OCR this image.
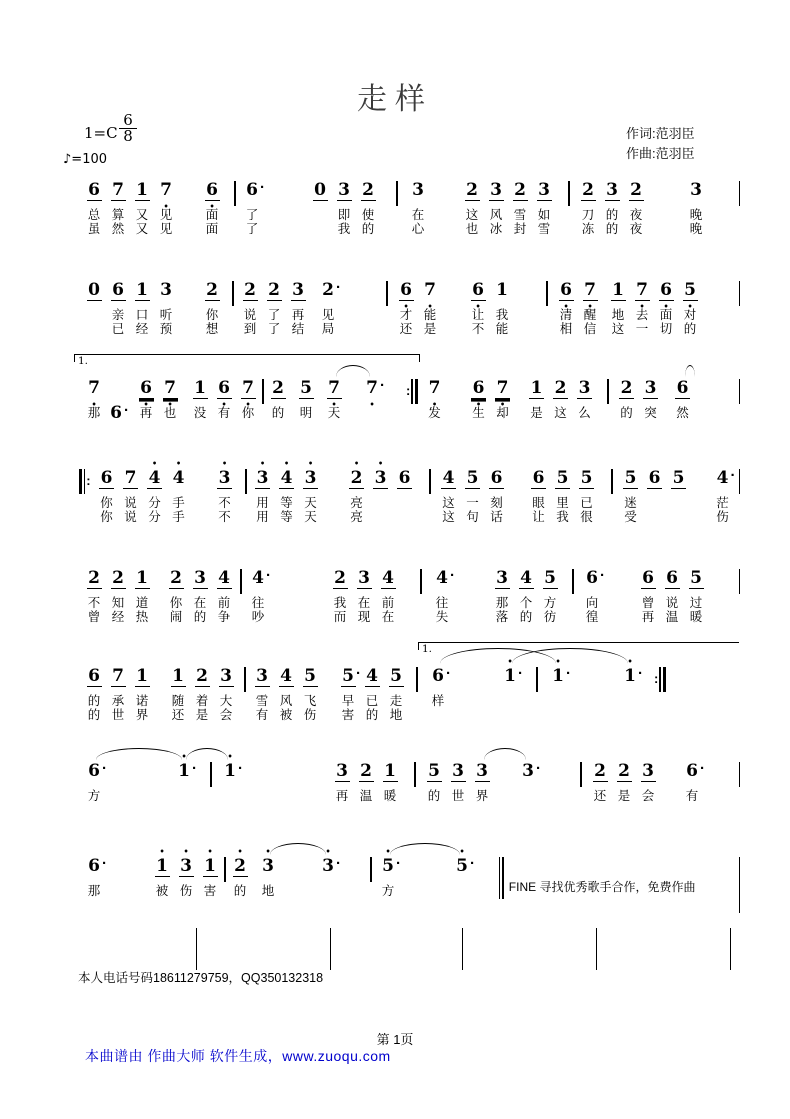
走样
$1=C \frac{6}{8}$
♪=100
作词:范羽臣
作曲:范羽臣
6
总
虽
7
算
然
1
又
又
7 •
见
见
6 •
面
面
6 ·
了
了
0 3
即
我
2
使
的
3
在
心
2
这
也
3
风
冰
2
雪
封
3
如
雪
2
刀
冻
3
的
的
2
夜
夜
3
晚
晚
0 6
亲
已
1
口
经
3
听
预
2
你
想
2
说
到
2
了
了
3
再
结
2 ·
见
局
6 •
才
还
7 •
能
是
6 •
让
不
1
我
能
6 •
清
相
7 •
醒
信
1
地
这
7 •
去
一
6 •
面
切
5 •
对
的
7 •
那
6 •
再
7 •
也
1
没
6 •
有
7 •
你
2
的
5
明
7 •
天
7 • · : 7 •
发
6 •
生
7 •
却
1
是
2
这
3
么
2
的
3
突
6
然
6 ·
1.
: 6
你
你
7
说
说
• 4
分
分
• 4
手
手
• 3
不
不
• 3
用
用
• 4
等
等
• 3
天
天
• 2
亮
亮
• 3 6 4
这
这
5
一
句
6
刻
话
6
眼
让
5
里
我
5
已
很
5
迷
受
6 5 4 ·
茫
伤
2
不
曾
2
知
经
1
道
热
2
你
闹
3
在
的
4
前
争
4 ·
往
吵
2
我
而
3
在
现
4
前
在
4 ·
往
失
3
那
落
4
个
的
5
方
彷
6 ·
向
徨
6
曾
再
6
说
温
5
过
暖
6
的
的
7
承
世
1
诺
界
1
随
还
2
着
是
3
大
会
3
雪
有
4
风
被
5
飞
伤
5 ·
早
害
4
已
的
5
走
地
6 ·
样
• 1 · • 1 ·	• 1 · :
1.
6 ·
方
• 1 · • 1 ·	3
再
2
温
1
暖
5
的
3
世
3
界
3 ·	2
还
2
是
3
会
6 ·
有
6 ·
那
• 1
被
• 3
伤
• 1
害
• 2
的
• 3
地
• 3 · • 5 ·
方
• 5 ·
FINE 寻找优秀歌手合作，免费作曲
本人电话号码18611279759，QQ350132318
第 1页
本曲谱由 作曲大师 软件生成，www.zuoqu.com
